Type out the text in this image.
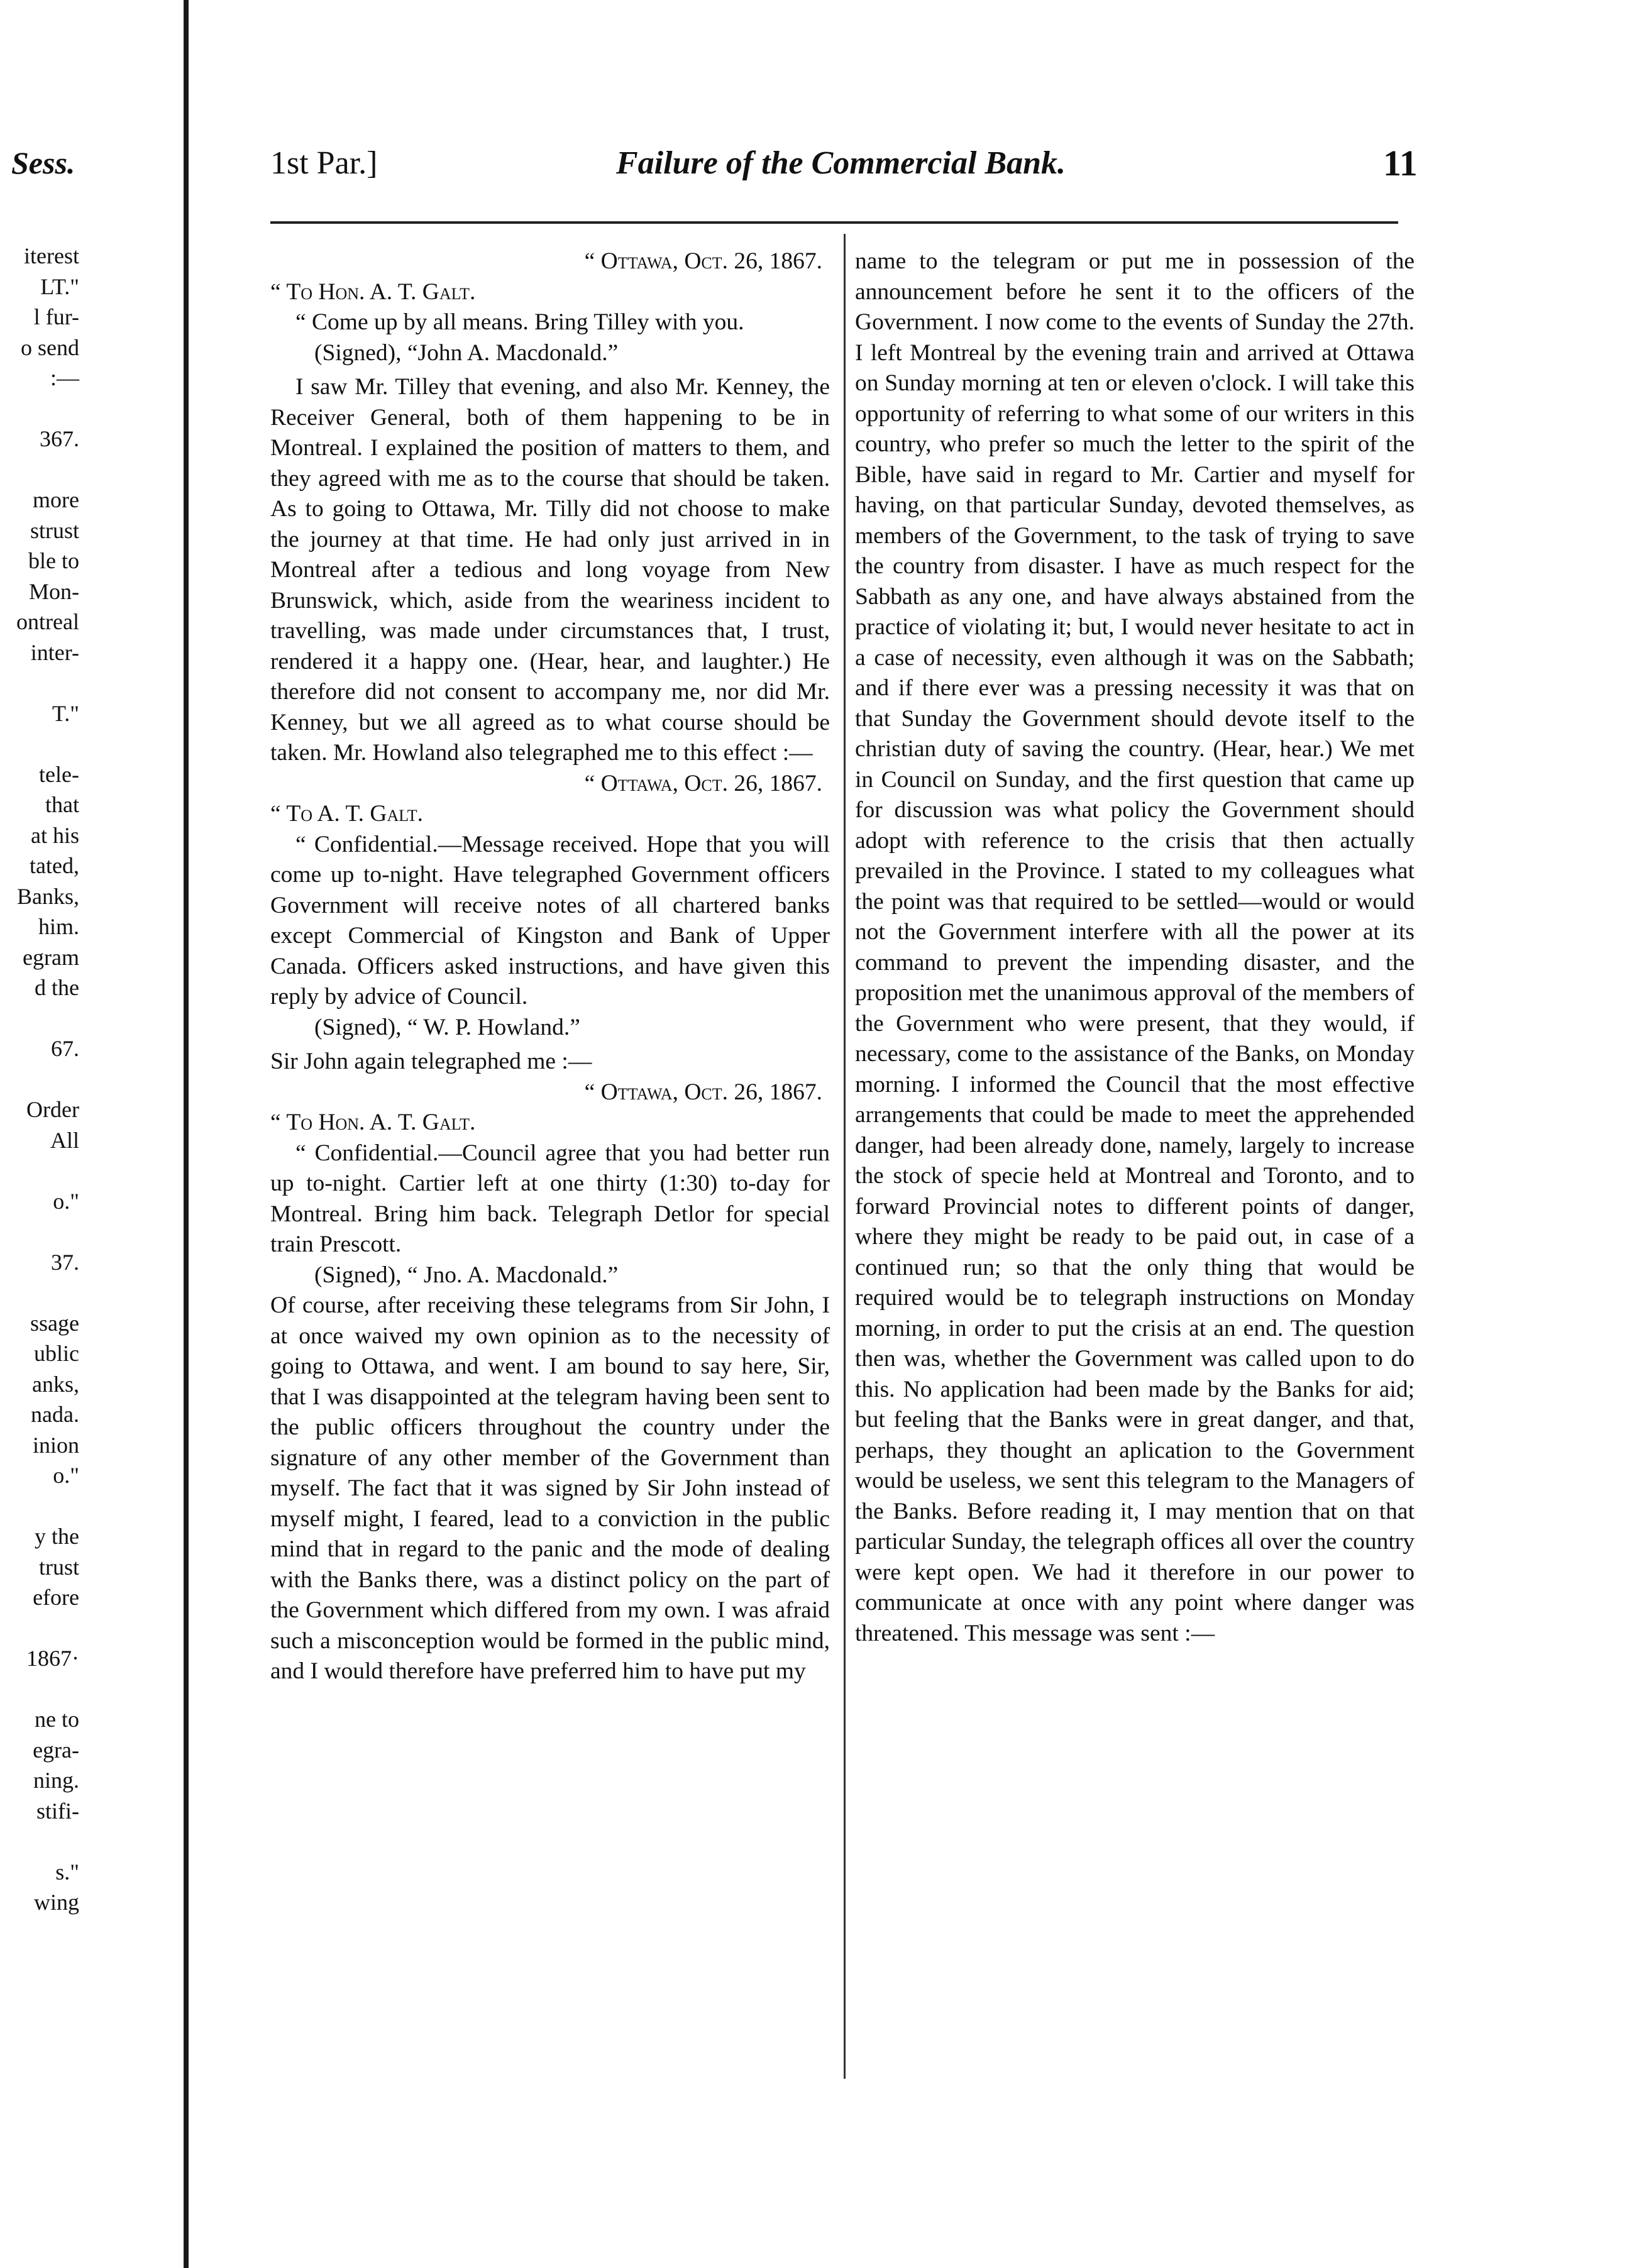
Sess.
iterest
LT."
l fur-
o send
:—
367.
more
strust
ble to
Mon-
ontreal
inter-
T."
tele-
that
at his
tated,
Banks,
him.
egram
d the
67.
Order
All
o."
37.
ssage
ublic
anks,
nada.
inion
o."
y the
trust
efore
1867·
ne to
egra-
ning.
stifi-
s."
wing
1st Par.]	Failure of the Commercial Bank.	11

“ Ottawa, Oct. 26, 1867.

“ To Hon. A. T. Galt.

“ Come up by all means. Bring Tilley with you.

(Signed), “John A. Macdonald.”

I saw Mr. Tilley that evening, and also Mr. Kenney, the Receiver General, both of them happening to be in Montreal. I explained the position of matters to them, and they agreed with me as to the course that should be taken. As to going to Ottawa, Mr. Tilly did not choose to make the journey at that time. He had only just arrived in in Montreal after a tedious and long voyage from New Brunswick, which, aside from the weariness incident to travelling, was made under circumstances that, I trust, rendered it a happy one. (Hear, hear, and laughter.) He therefore did not consent to accompany me, nor did Mr. Kenney, but we all agreed as to what course should be taken. Mr. Howland also telegraphed me to this effect :—

“ Ottawa, Oct. 26, 1867.

“ To A. T. Galt.

“ Confidential.—Message received. Hope that you will come up to-night. Have telegraphed Government officers Government will receive notes of all chartered banks except Commercial of Kingston and Bank of Upper Canada. Officers asked instructions, and have given this reply by advice of Council.

(Signed), “ W. P. Howland.”

Sir John again telegraphed me :—

“ Ottawa, Oct. 26, 1867.

“ To Hon. A. T. Galt.

“ Confidential.—Council agree that you had better run up to-night. Cartier left at one thirty (1:30) to-day for Montreal. Bring him back. Telegraph Detlor for special train Prescott.

(Signed), “ Jno. A. Macdonald.”

Of course, after receiving these telegrams from Sir John, I at once waived my own opinion as to the necessity of going to Ottawa, and went. I am bound to say here, Sir, that I was disappointed at the telegram having been sent to the public officers throughout the country under the signature of any other member of the Government than myself. The fact that it was signed by Sir John instead of myself might, I feared, lead to a conviction in the public mind that in regard to the panic and the mode of dealing with the Banks there, was a distinct policy on the part of the Government which differed from my own. I was afraid such a misconception would be formed in the public mind, and I would therefore have preferred him to have put my

name to the telegram or put me in possession of the announcement before he sent it to the officers of the Government. I now come to the events of Sunday the 27th. I left Montreal by the evening train and arrived at Ottawa on Sunday morning at ten or eleven o'clock. I will take this opportunity of referring to what some of our writers in this country, who prefer so much the letter to the spirit of the Bible, have said in regard to Mr. Cartier and myself for having, on that particular Sunday, devoted themselves, as members of the Government, to the task of trying to save the country from disaster. I have as much respect for the Sabbath as any one, and have always abstained from the practice of violating it; but, I would never hesitate to act in a case of necessity, even although it was on the Sabbath; and if there ever was a pressing necessity it was that on that Sunday the Government should devote itself to the christian duty of saving the country. (Hear, hear.) We met in Council on Sunday, and the first question that came up for discussion was what policy the Government should adopt with reference to the crisis that then actually prevailed in the Province. I stated to my colleagues what the point was that required to be settled—would or would not the Government interfere with all the power at its command to prevent the impending disaster, and the proposition met the unanimous approval of the members of the Government who were present, that they would, if necessary, come to the assistance of the Banks, on Monday morning. I informed the Council that the most effective arrangements that could be made to meet the apprehended danger, had been already done, namely, largely to increase the stock of specie held at Montreal and Toronto, and to forward Provincial notes to different points of danger, where they might be ready to be paid out, in case of a continued run; so that the only thing that would be required would be to telegraph instructions on Monday morning, in order to put the crisis at an end. The question then was, whether the Government was called upon to do this. No application had been made by the Banks for aid; but feeling that the Banks were in great danger, and that, perhaps, they thought an aplication to the Government would be useless, we sent this telegram to the Managers of the Banks. Before reading it, I may mention that on that particular Sunday, the telegraph offices all over the country were kept open. We had it therefore in our power to communicate at once with any point where danger was threatened. This message was sent :—
